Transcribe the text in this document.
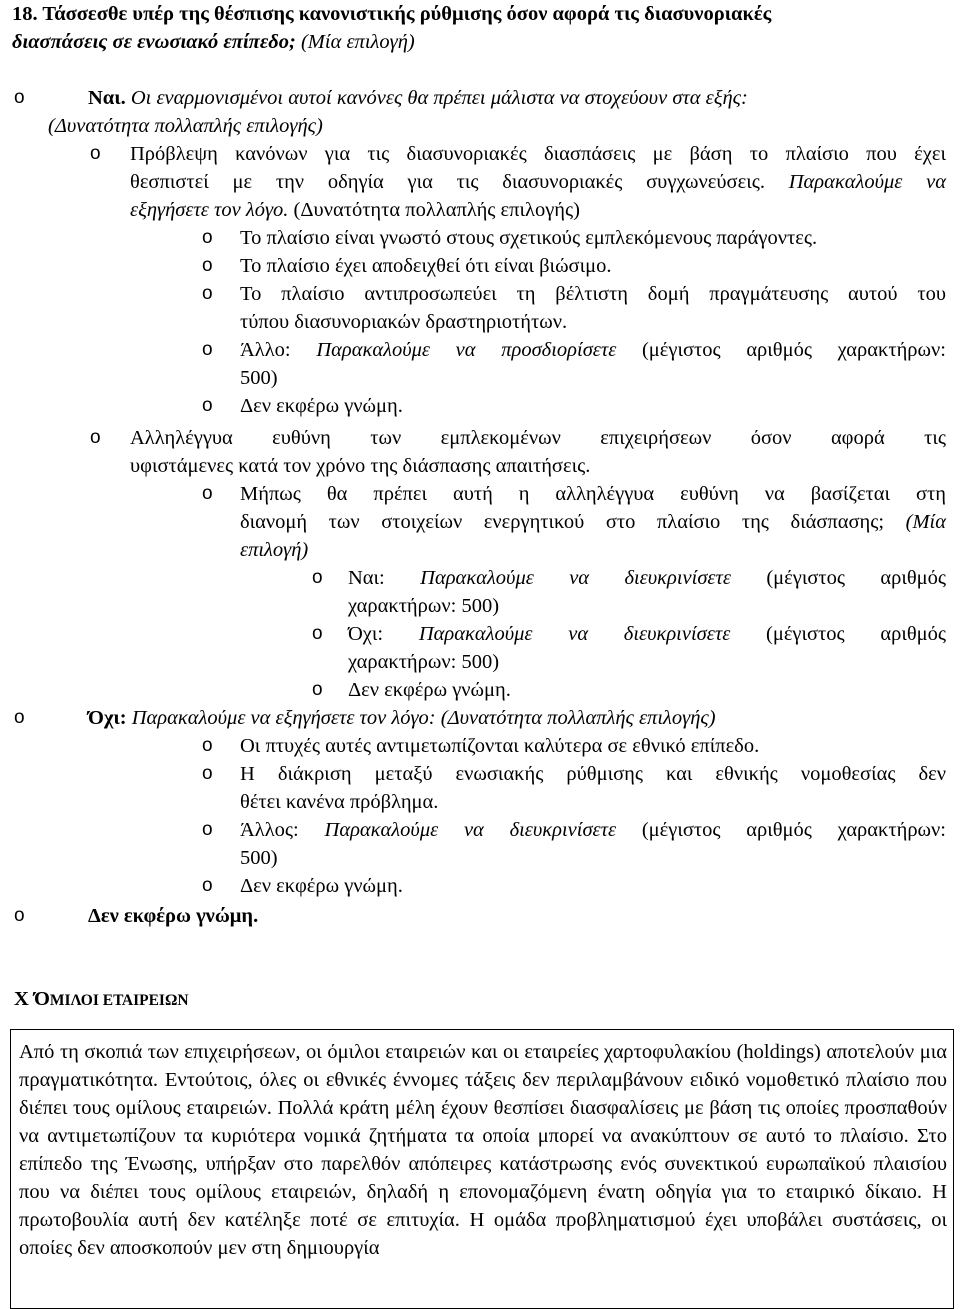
18. Τάσσεσθε υπέρ της θέσπισης κανονιστικής ρύθμισης όσον αφορά τις διασυνοριακές
διασπάσεις σε ενωσιακό επίπεδο; (Μία επιλογή)
o	Ναι. Οι εναρμονισμένοι αυτοί κανόνες θα πρέπει μάλιστα να στοχεύουν στα εξής:
(Δυνατότητα πολλαπλής επιλογής)
o Πρόβλεψη κανόνων για τις διασυνοριακές διασπάσεις με βάση το πλαίσιο που έχει
θεσπιστεί με την οδηγία για τις διασυνοριακές συγχωνεύσεις. Παρακαλούμε να
εξηγήσετε τον λόγο. (Δυνατότητα πολλαπλής επιλογής)
o Το πλαίσιο είναι γνωστό στους σχετικούς εμπλεκόμενους παράγοντες.
o Το πλαίσιο έχει αποδειχθεί ότι είναι βιώσιμο.
o Το πλαίσιο αντιπροσωπεύει τη βέλτιστη δομή πραγμάτευσης αυτού του
τύπου διασυνοριακών δραστηριοτήτων.
o Άλλο: Παρακαλούμε να προσδιορίσετε (μέγιστος αριθμός χαρακτήρων:
500)
o Δεν εκφέρω γνώμη.
o Αλληλέγγυα ευθύνη των εμπλεκομένων επιχειρήσεων όσον αφορά τις
υφιστάμενες κατά τον χρόνο της διάσπασης απαιτήσεις.
o Μήπως θα πρέπει αυτή η αλληλέγγυα ευθύνη να βασίζεται στη
διανομή των στοιχείων ενεργητικού στο πλαίσιο της διάσπασης; (Μία
επιλογή)
o Ναι: Παρακαλούμε να διευκρινίσετε (μέγιστος αριθμός
χαρακτήρων: 500)
o Όχι: Παρακαλούμε να διευκρινίσετε (μέγιστος αριθμός
χαρακτήρων: 500)
o Δεν εκφέρω γνώμη.
o	Όχι: Παρακαλούμε να εξηγήσετε τον λόγο: (Δυνατότητα πολλαπλής επιλογής)
o Οι πτυχές αυτές αντιμετωπίζονται καλύτερα σε εθνικό επίπεδο.
o Η διάκριση μεταξύ ενωσιακής ρύθμισης και εθνικής νομοθεσίας δεν
θέτει κανένα πρόβλημα.
o Άλλος: Παρακαλούμε να διευκρινίσετε (μέγιστος αριθμός χαρακτήρων:
500)
o Δεν εκφέρω γνώμη.
o	Δεν εκφέρω γνώμη.
X ΌΜΙΛΟΙ ΕΤΑΙΡΕΙΩΝ

Από τη σκοπιά των επιχειρήσεων, οι όμιλοι εταιρειών και οι εταιρείες χαρτοφυλακίου (holdings) αποτελούν μια πραγματικότητα. Εντούτοις, όλες οι εθνικές έννομες τάξεις δεν περιλαμβάνουν ειδικό νομοθετικό πλαίσιο που διέπει τους ομίλους εταιρειών. Πολλά κράτη μέλη έχουν θεσπίσει διασφαλίσεις με βάση τις οποίες προσπαθούν να αντιμετωπίζουν τα κυριότερα νομικά ζητήματα τα οποία μπορεί να ανακύπτουν σε αυτό το πλαίσιο. Στο επίπεδο της Ένωσης, υπήρξαν στο παρελθόν απόπειρες κατάστρωσης ενός συνεκτικού ευρωπαϊκού πλαισίου που να διέπει τους ομίλους εταιρειών, δηλαδή η επονομαζόμενη ένατη οδηγία για το εταιρικό δίκαιο. Η πρωτοβουλία αυτή δεν κατέληξε ποτέ σε επιτυχία. Η ομάδα προβληματισμού έχει υποβάλει συστάσεις, οι οποίες δεν αποσκοπούν μεν στη δημιουργία
